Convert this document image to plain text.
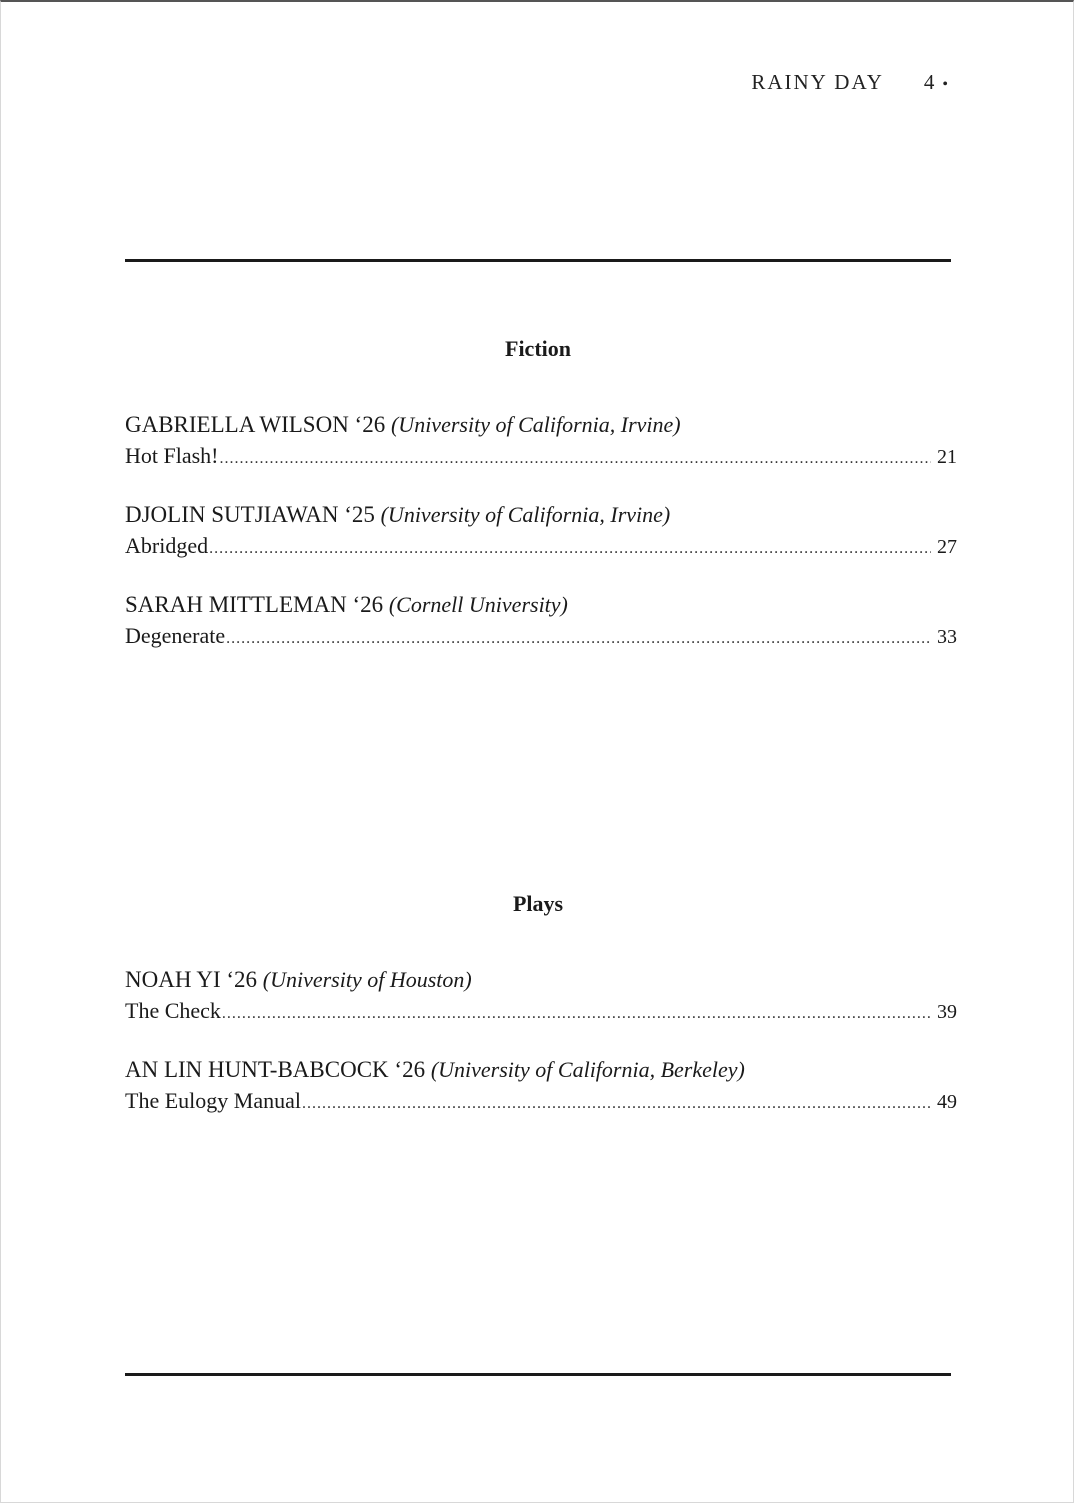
RAINY DAY 4 •
Fiction
GABRIELLA WILSON ‘26 (University of California, Irvine)
Hot Flash! .....	21
DJOLIN SUTJIAWAN ‘25 (University of California, Irvine)
Abridged .....	27
SARAH MITTLEMAN ‘26 (Cornell University)
Degenerate .....	33
Plays
NOAH YI ‘26 (University of Houston)
The Check .....	39
AN LIN HUNT-BABCOCK ‘26 (University of California, Berkeley)
The Eulogy Manual .....	49
